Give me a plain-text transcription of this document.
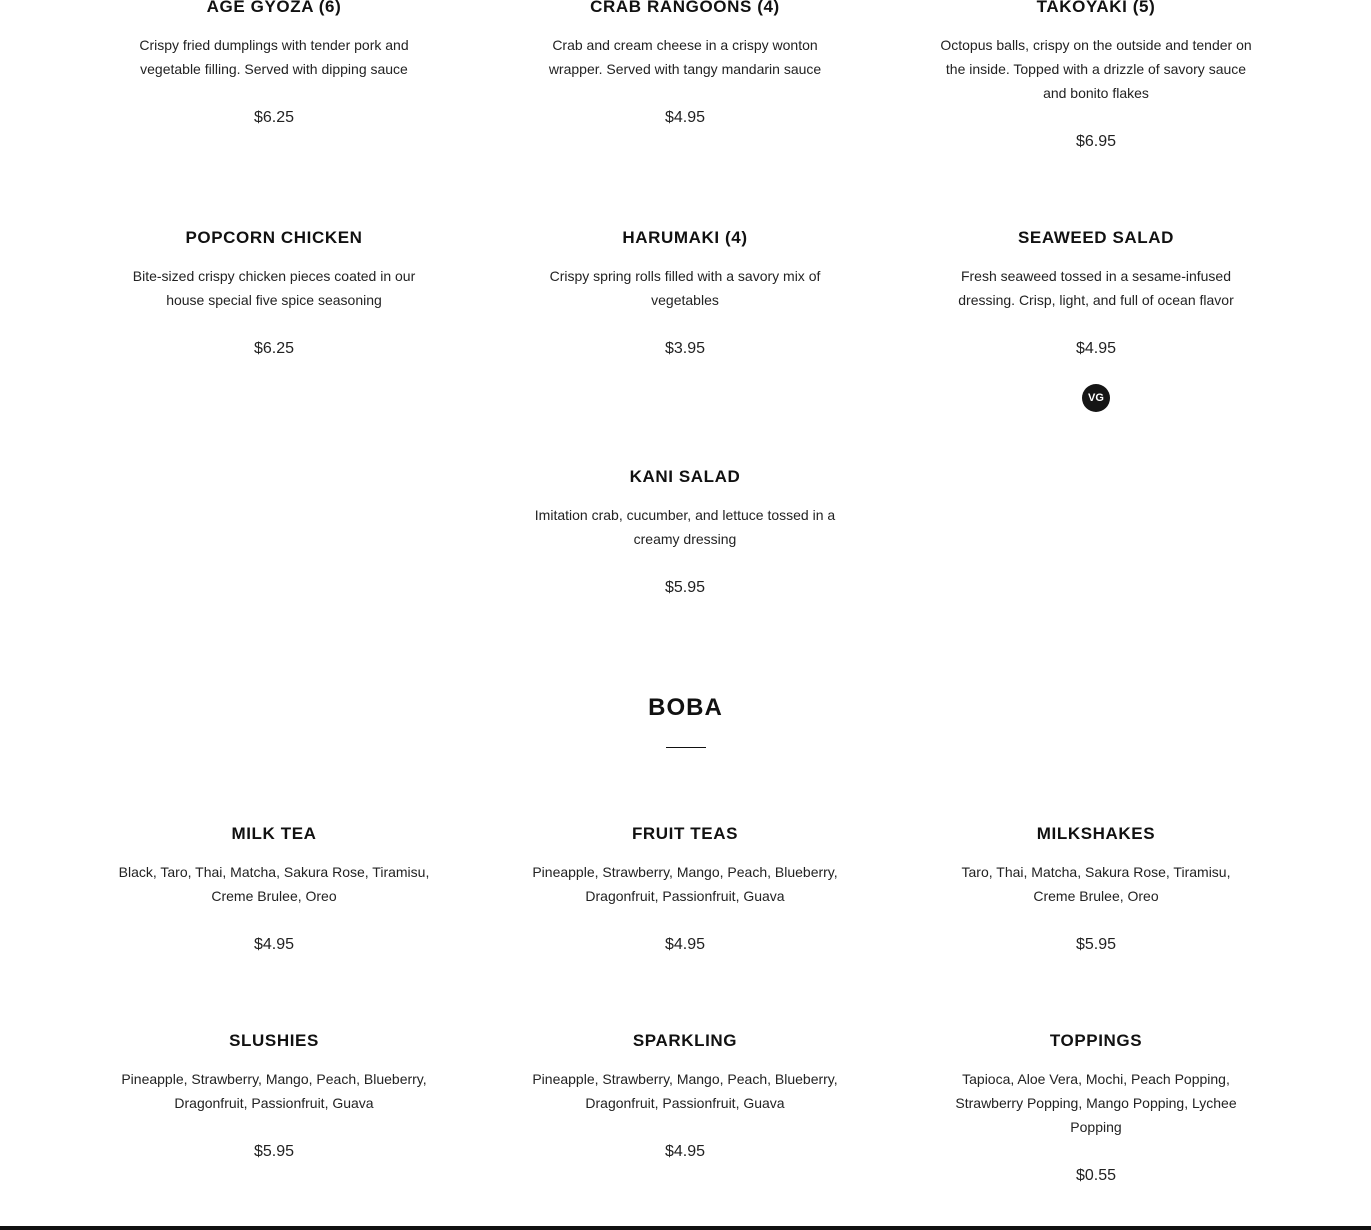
AGE GYOZA (6)
Crispy fried dumplings with tender pork and vegetable filling. Served with dipping sauce
$6.25
CRAB RANGOONS (4)
Crab and cream cheese in a crispy wonton wrapper. Served with tangy mandarin sauce
$4.95
TAKOYAKI (5)
Octopus balls, crispy on the outside and tender on the inside. Topped with a drizzle of savory sauce and bonito flakes
$6.95
POPCORN CHICKEN
Bite-sized crispy chicken pieces coated in our house special five spice seasoning
$6.25
HARUMAKI (4)
Crispy spring rolls filled with a savory mix of vegetables
$3.95
SEAWEED SALAD
Fresh seaweed tossed in a sesame-infused dressing. Crisp, light, and full of ocean flavor
$4.95
VG
KANI SALAD
Imitation crab, cucumber, and lettuce tossed in a creamy dressing
$5.95
BOBA
MILK TEA
Black, Taro, Thai, Matcha, Sakura Rose, Tiramisu, Creme Brulee, Oreo
$4.95
FRUIT TEAS
Pineapple, Strawberry, Mango, Peach, Blueberry, Dragonfruit, Passionfruit, Guava
$4.95
MILKSHAKES
Taro, Thai, Matcha, Sakura Rose, Tiramisu, Creme Brulee, Oreo
$5.95
SLUSHIES
Pineapple, Strawberry, Mango, Peach, Blueberry, Dragonfruit, Passionfruit, Guava
$5.95
SPARKLING
Pineapple, Strawberry, Mango, Peach, Blueberry, Dragonfruit, Passionfruit, Guava
$4.95
TOPPINGS
Tapioca, Aloe Vera, Mochi, Peach Popping, Strawberry Popping, Mango Popping, Lychee Popping
$0.55
